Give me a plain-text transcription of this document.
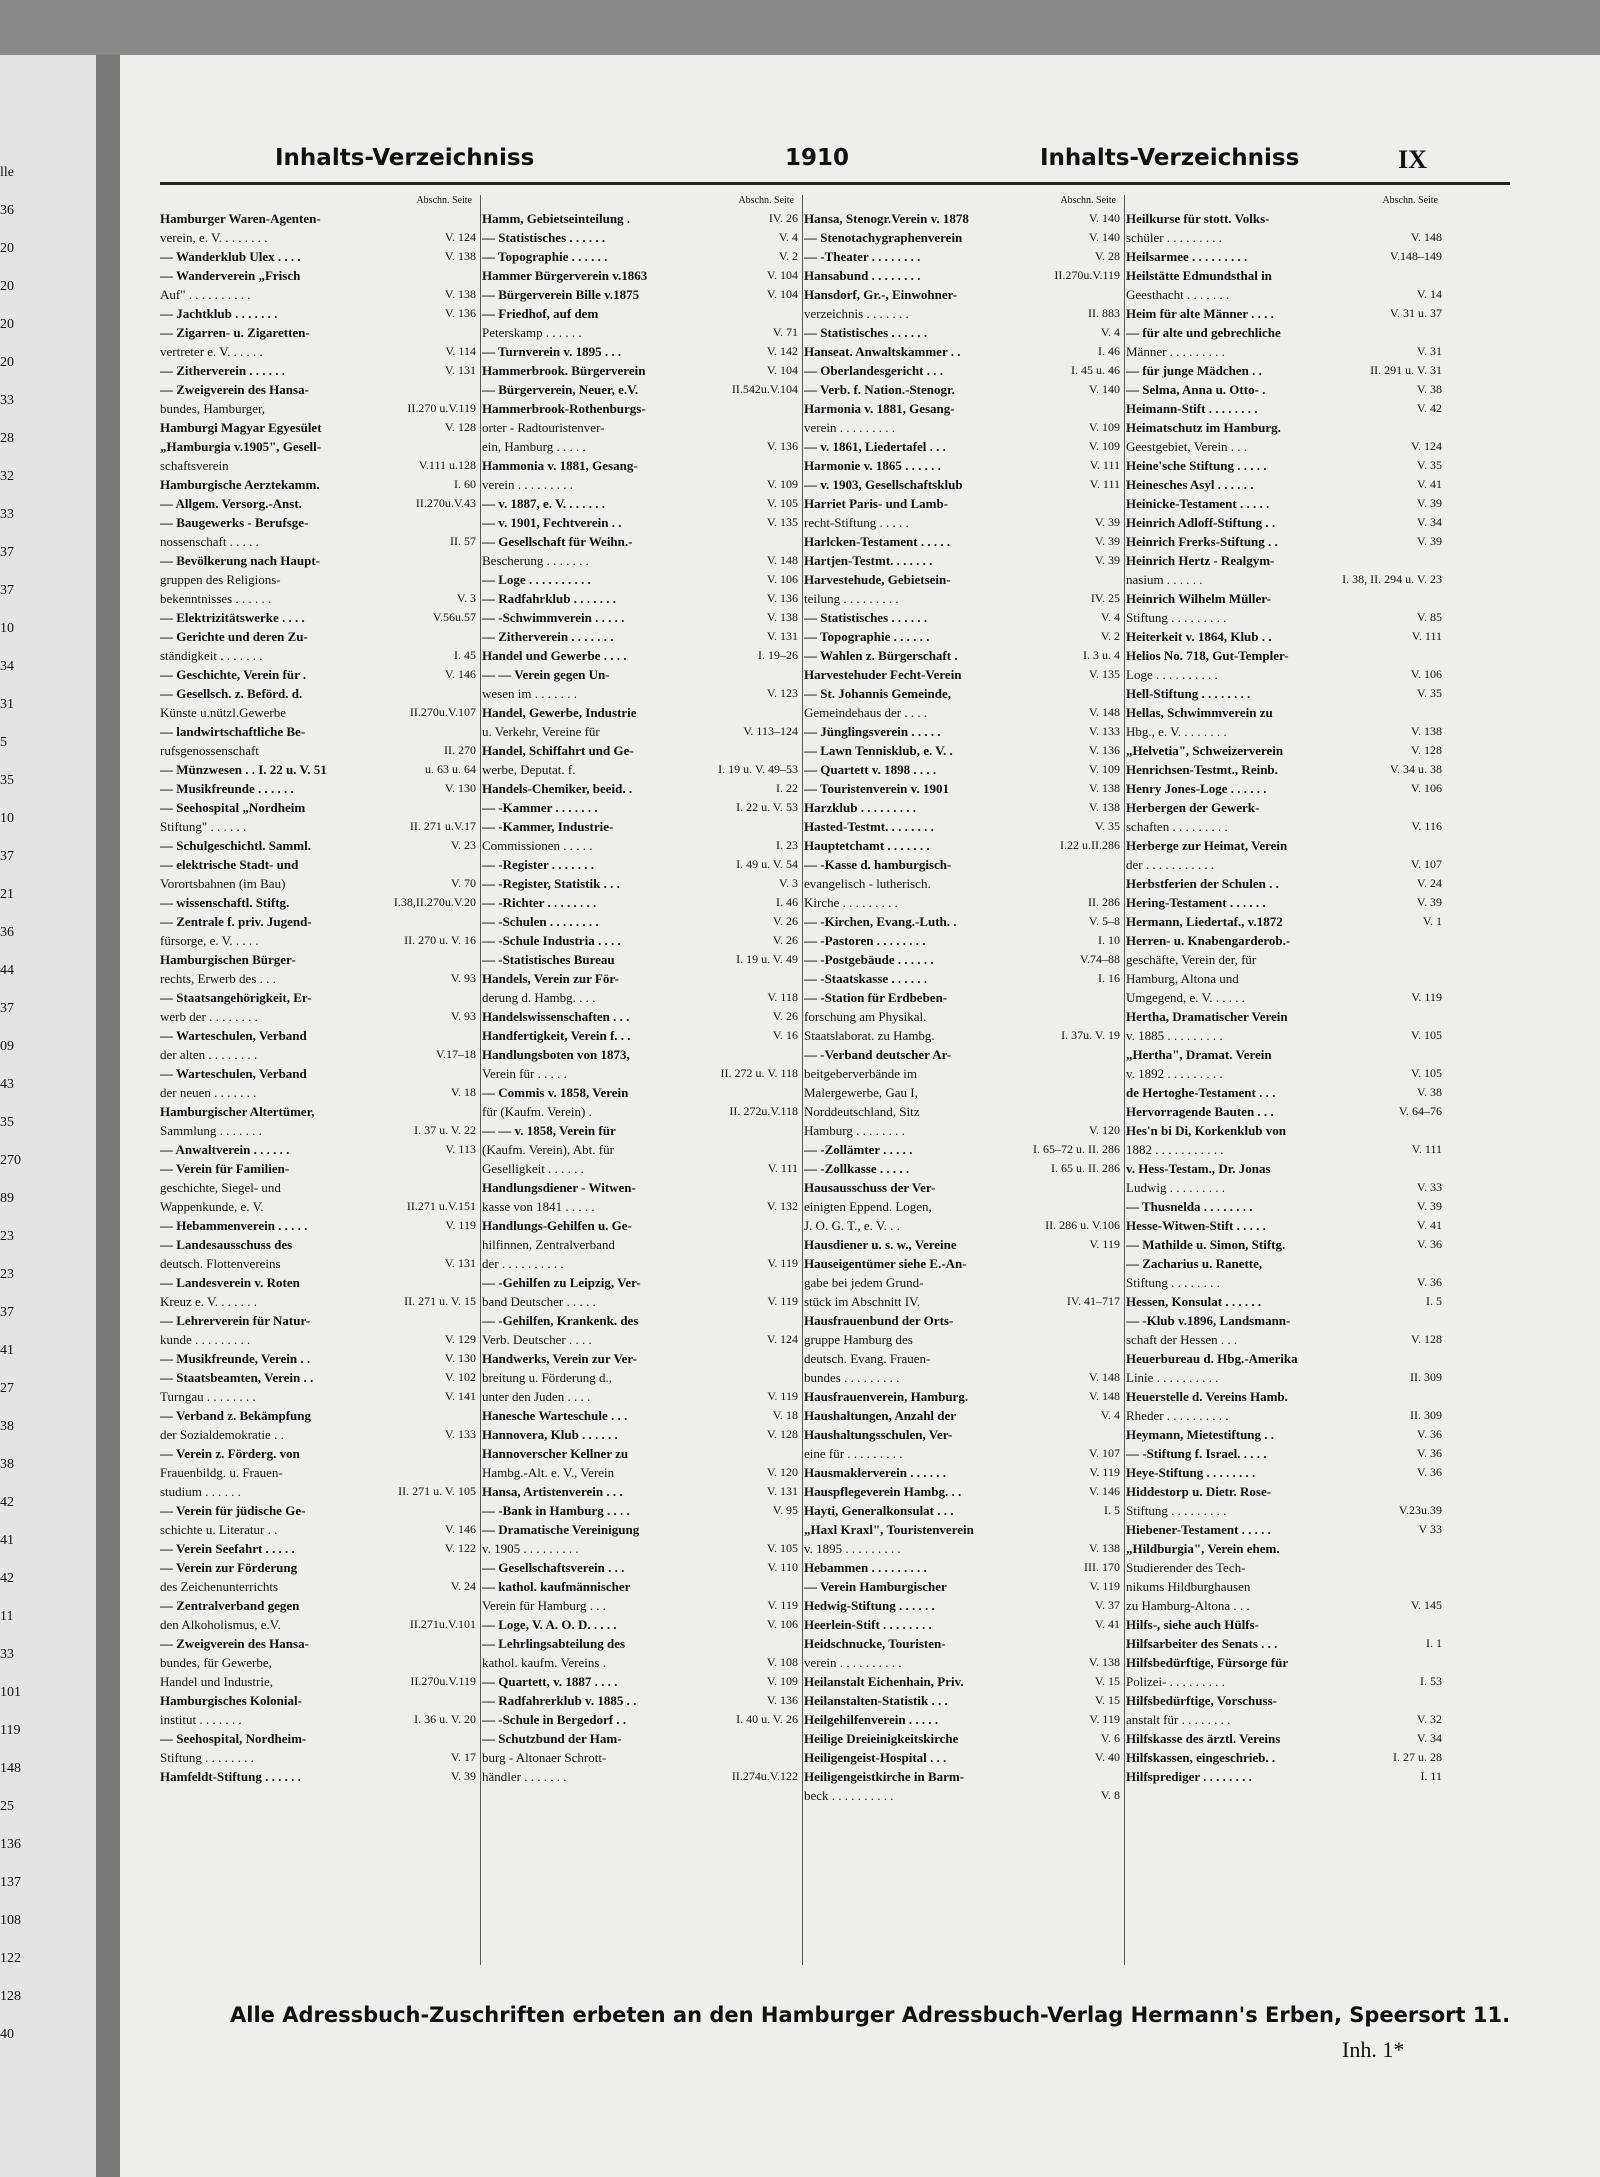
lle
36
20
20
20
20
33
28
32
33
37
37
10
34
31
5
35
10
37
21
36
44
37
09
43
35
270
89
23
23
37
41
27
38
38
42
41
42
11
33
101
119
148
25
136
137
108
122
128
40
Inhalts-Verzeichniss	1910	Inhalts-Verzeichniss	IX
Abschn. Seite
Hamburger Waren-Agenten-
verein, e. V. . . . . . . .	V. 124
— Wanderklub Ulex . . . .	V. 138
— Wanderverein „Frisch
Auf" . . . . . . . . . .	V. 138
— Jachtklub . . . . . . .	V. 136
— Zigarren- u. Zigaretten-
vertreter e. V. . . . . .	V. 114
— Zitherverein . . . . . .	V. 131
— Zweigverein des Hansa-
bundes, Hamburger,	II.270 u.V.119
Hamburgi Magyar Egyesület	V. 128
„Hamburgia v.1905", Gesell-
schaftsverein	V.111 u.128
Hamburgische Aerztekamm.	I. 60
— Allgem. Versorg.-Anst.	II.270u.V.43
— Baugewerks - Berufsge-
nossenschaft . . . . .	II. 57
— Bevölkerung nach Haupt-
gruppen des Religions-
bekenntnisses . . . . . .	V. 3
— Elektrizitätswerke . . . .	V.56u.57
— Gerichte und deren Zu-
ständigkeit . . . . . . .	I. 45
— Geschichte, Verein für .	V. 146
— Gesellsch. z. Beförd. d.
Künste u.nützl.Gewerbe	II.270u.V.107
— landwirtschaftliche Be-
rufsgenossenschaft	II. 270
— Münzwesen . . I. 22 u. V. 51	u. 63 u. 64
— Musikfreunde . . . . . .	V. 130
— Seehospital „Nordheim
Stiftung" . . . . . .	II. 271 u.V.17
— Schulgeschichtl. Samml.	V. 23
— elektrische Stadt- und
Vorortsbahnen (im Bau)	V. 70
— wissenschaftl. Stiftg.	I.38,II.270u.V.20
— Zentrale f. priv. Jugend-
fürsorge, e. V. . . . .	II. 270 u. V. 16
Hamburgischen Bürger-
rechts, Erwerb des . . .	V. 93
— Staatsangehörigkeit, Er-
werb der . . . . . . . .	V. 93
— Warteschulen, Verband
der alten . . . . . . . .	V.17–18
— Warteschulen, Verband
der neuen . . . . . . .	V. 18
Hamburgischer Altertümer,
Sammlung . . . . . . .	I. 37 u. V. 22
— Anwaltverein . . . . . .	V. 113
— Verein für Familien-
geschichte, Siegel- und
Wappenkunde, e. V.	II.271 u.V.151
— Hebammenverein . . . . .	V. 119
— Landesausschuss des
deutsch. Flottenvereins	V. 131
— Landesverein v. Roten
Kreuz e. V. . . . . . .	II. 271 u. V. 15
— Lehrerverein für Natur-
kunde . . . . . . . . .	V. 129
— Musikfreunde, Verein . .	V. 130
— Staatsbeamten, Verein . .	V. 102
Turngau . . . . . . . .	V. 141
— Verband z. Bekämpfung
der Sozialdemokratie . .	V. 133
— Verein z. Förderg. von
Frauenbildg. u. Frauen-
studium . . . . . .	II. 271 u. V. 105
— Verein für jüdische Ge-
schichte u. Literatur . .	V. 146
— Verein Seefahrt . . . . .	V. 122
— Verein zur Förderung
des Zeichenunterrichts	V. 24
— Zentralverband gegen
den Alkoholismus, e.V.	II.271u.V.101
— Zweigverein des Hansa-
bundes, für Gewerbe,
Handel und Industrie,	II.270u.V.119
Hamburgisches Kolonial-
institut . . . . . . .	I. 36 u. V. 20
— Seehospital, Nordheim-
Stiftung . . . . . . . .	V. 17
Hamfeldt-Stiftung . . . . . .	V. 39
Abschn. Seite
Hamm, Gebietseinteilung .	IV. 26
— Statistisches . . . . . .	V. 4
— Topographie . . . . . .	V. 2
Hammer Bürgerverein v.1863	V. 104
— Bürgerverein Bille v.1875	V. 104
— Friedhof, auf dem
Peterskamp . . . . . .	V. 71
— Turnverein v. 1895 . . .	V. 142
Hammerbrook. Bürgerverein	V. 104
— Bürgerverein, Neuer, e.V.	II.542u.V.104
Hammerbrook-Rothenburgs-
orter - Radtouristenver-
ein, Hamburg . . . . .	V. 136
Hammonia v. 1881, Gesang-
verein . . . . . . . . .	V. 109
— v. 1887, e. V. . . . . . .	V. 105
— v. 1901, Fechtverein . .	V. 135
— Gesellschaft für Weihn.-
Bescherung . . . . . . .	V. 148
— Loge . . . . . . . . . .	V. 106
— Radfahrklub . . . . . . .	V. 136
— -Schwimmverein . . . . .	V. 138
— Zitherverein . . . . . . .	V. 131
Handel und Gewerbe . . . .	I. 19–26
— — Verein gegen Un-
wesen im . . . . . . .	V. 123
Handel, Gewerbe, Industrie
u. Verkehr, Vereine für	V. 113–124
Handel, Schiffahrt und Ge-
werbe, Deputat. f.	I. 19 u. V. 49–53
Handels-Chemiker, beeid. .	I. 22
— -Kammer . . . . . . .	I. 22 u. V. 53
— -Kammer, Industrie-
Commissionen . . . . .	I. 23
— -Register . . . . . . .	I. 49 u. V. 54
— -Register, Statistik . . .	V. 3
— -Richter . . . . . . . .	I. 46
— -Schulen . . . . . . . .	V. 26
— -Schule Industria . . . .	V. 26
— -Statistisches Bureau	I. 19 u. V. 49
Handels, Verein zur För-
derung d. Hambg. . . .	V. 118
Handelswissenschaften . . .	V. 26
Handfertigkeit, Verein f. . .	V. 16
Handlungsboten von 1873,
Verein für . . . . .	II. 272 u. V. 118
— Commis v. 1858, Verein
für (Kaufm. Verein) .	II. 272u.V.118
— — v. 1858, Verein für
(Kaufm. Verein), Abt. für
Geselligkeit . . . . . .	V. 111
Handlungsdiener - Witwen-
kasse von 1841 . . . . .	V. 132
Handlungs-Gehilfen u. Ge-
hilfinnen, Zentralverband
der . . . . . . . . . .	V. 119
— -Gehilfen zu Leipzig, Ver-
band Deutscher . . . . .	V. 119
— -Gehilfen, Krankenk. des
Verb. Deutscher . . . .	V. 124
Handwerks, Verein zur Ver-
breitung u. Förderung d.,
unter den Juden . . . .	V. 119
Hanesche Warteschule . . .	V. 18
Hannovera, Klub . . . . . .	V. 128
Hannoverscher Kellner zu
Hambg.-Alt. e. V., Verein	V. 120
Hansa, Artistenverein . . .	V. 131
— -Bank in Hamburg . . . .	V. 95
— Dramatische Vereinigung
v. 1905 . . . . . . . . .	V. 105
— Gesellschaftsverein . . .	V. 110
— kathol. kaufmännischer
Verein für Hamburg . . .	V. 119
— Loge, V. A. O. D. . . . .	V. 106
— Lehrlingsabteilung des
kathol. kaufm. Vereins .	V. 108
— Quartett, v. 1887 . . . .	V. 109
— Radfahrerklub v. 1885 . .	V. 136
— -Schule in Bergedorf . .	I. 40 u. V. 26
— Schutzbund der Ham-
burg - Altonaer Schrott-
händler . . . . . . .	II.274u.V.122
Abschn. Seite
Hansa, Stenogr.Verein v. 1878	V. 140
— Stenotachygraphenverein	V. 140
— -Theater . . . . . . . .	V. 28
Hansabund . . . . . . . .	II.270u.V.119
Hansdorf, Gr.-, Einwohner-
verzeichnis . . . . . . .	II. 883
— Statistisches . . . . . .	V. 4
Hanseat. Anwaltskammer . .	I. 46
— Oberlandesgericht . . .	I. 45 u. 46
— Verb. f. Nation.-Stenogr.	V. 140
Harmonia v. 1881, Gesang-
verein . . . . . . . . .	V. 109
— v. 1861, Liedertafel . . .	V. 109
Harmonie v. 1865 . . . . . .	V. 111
— v. 1903, Gesellschaftsklub	V. 111
Harriet Paris- und Lamb-
recht-Stiftung . . . . .	V. 39
Harlcken-Testament . . . . .	V. 39
Hartjen-Testmt. . . . . . .	V. 39
Harvestehude, Gebietsein-
teilung . . . . . . . . .	IV. 25
— Statistisches . . . . . .	V. 4
— Topographie . . . . . .	V. 2
— Wahlen z. Bürgerschaft .	I. 3 u. 4
Harvestehuder Fecht-Verein	V. 135
— St. Johannis Gemeinde,
Gemeindehaus der . . . .	V. 148
— Jünglingsverein . . . . .	V. 133
— Lawn Tennisklub, e. V. .	V. 136
— Quartett v. 1898 . . . .	V. 109
— Touristenverein v. 1901	V. 138
Harzklub . . . . . . . . .	V. 138
Hasted-Testmt. . . . . . . .	V. 35
Hauptetchamt . . . . . . .	I.22 u.II.286
— -Kasse d. hamburgisch-
evangelisch - lutherisch.
Kirche . . . . . . . . .	II. 286
— -Kirchen, Evang.-Luth. .	V. 5–8
— -Pastoren . . . . . . . .	I. 10
— -Postgebäude . . . . . .	V.74–88
— -Staatskasse . . . . . .	I. 16
— -Station für Erdbeben-
forschung am Physikal.
Staatslaborat. zu Hambg.	I. 37u. V. 19
— -Verband deutscher Ar-
beitgeberverbände im
Malergewerbe, Gau I,
Norddeutschland, Sitz
Hamburg . . . . . . . .	V. 120
— -Zollämter . . . . .	I. 65–72 u. II. 286
— -Zollkasse . . . . .	I. 65 u. II. 286
Hausausschuss der Ver-
einigten Eppend. Logen,
J. O. G. T., e. V. . .	II. 286 u. V.106
Hausdiener u. s. w., Vereine	V. 119
Hauseigentümer siehe E.-An-
gabe bei jedem Grund-
stück im Abschnitt IV.	IV. 41–717
Hausfrauenbund der Orts-
gruppe Hamburg des
deutsch. Evang. Frauen-
bundes . . . . . . . . .	V. 148
Hausfrauenverein, Hamburg.	V. 148
Haushaltungen, Anzahl der	V. 4
Haushaltungsschulen, Ver-
eine für . . . . . . . . .	V. 107
Hausmaklerverein . . . . . .	V. 119
Hauspflegeverein Hambg. . .	V. 146
Hayti, Generalkonsulat . . .	I. 5
„Haxl Kraxl", Touristenverein
v. 1895 . . . . . . . . .	V. 138
Hebammen . . . . . . . . .	III. 170
— Verein Hamburgischer	V. 119
Hedwig-Stiftung . . . . . .	V. 37
Heerlein-Stift . . . . . . . .	V. 41
Heidschnucke, Touristen-
verein . . . . . . . . . .	V. 138
Heilanstalt Eichenhain, Priv.	V. 15
Heilanstalten-Statistik . . .	V. 15
Heilgehilfenverein . . . . .	V. 119
Heilige Dreieinigkeitskirche	V. 6
Heiligengeist-Hospital . . .	V. 40
Heiligengeistkirche in Barm-
beck . . . . . . . . . .	V. 8
Abschn. Seite
Heilkurse für stott. Volks-
schüler . . . . . . . . .	V. 148
Heilsarmee . . . . . . . . .	V.148–149
Heilstätte Edmundsthal in
Geesthacht . . . . . . .	V. 14
Heim für alte Männer . . . .	V. 31 u. 37
— für alte und gebrechliche
Männer . . . . . . . . .	V. 31
— für junge Mädchen . .	II. 291 u. V. 31
— Selma, Anna u. Otto- .	V. 38
Heimann-Stift . . . . . . . .	V. 42
Heimatschutz im Hamburg.
Geestgebiet, Verein . . .	V. 124
Heine'sche Stiftung . . . . .	V. 35
Heinesches Asyl . . . . . .	V. 41
Heinicke-Testament . . . . .	V. 39
Heinrich Adloff-Stiftung . .	V. 34
Heinrich Frerks-Stiftung . .	V. 39
Heinrich Hertz - Realgym-
nasium . . . . . .	I. 38, II. 294 u. V. 23
Heinrich Wilhelm Müller-
Stiftung . . . . . . . . .	V. 85
Heiterkeit v. 1864, Klub . .	V. 111
Helios No. 718, Gut-Templer-
Loge . . . . . . . . . .	V. 106
Hell-Stiftung . . . . . . . .	V. 35
Hellas, Schwimmverein zu
Hbg., e. V. . . . . . . .	V. 138
„Helvetia", Schweizerverein	V. 128
Henrichsen-Testmt., Reinb.	V. 34 u. 38
Henry Jones-Loge . . . . . .	V. 106
Herbergen der Gewerk-
schaften . . . . . . . . .	V. 116
Herberge zur Heimat, Verein
der . . . . . . . . . . .	V. 107
Herbstferien der Schulen . .	V. 24
Hering-Testament . . . . . .	V. 39
Hermann, Liedertaf., v.1872	V. 1
Herren- u. Knabengarderob.-
geschäfte, Verein der, für
Hamburg, Altona und
Umgegend, e. V. . . . . .	V. 119
Hertha, Dramatischer Verein
v. 1885 . . . . . . . . .	V. 105
„Hertha", Dramat. Verein
v. 1892 . . . . . . . . .	V. 105
de Hertoghe-Testament . . .	V. 38
Hervorragende Bauten . . .	V. 64–76
Hes'n bi Di, Korkenklub von
1882 . . . . . . . . . . .	V. 111
v. Hess-Testam., Dr. Jonas
Ludwig . . . . . . . . .	V. 33
— Thusnelda . . . . . . . .	V. 39
Hesse-Witwen-Stift . . . . .	V. 41
— Mathilde u. Simon, Stiftg.	V. 36
— Zacharius u. Ranette,
Stiftung . . . . . . . .	V. 36
Hessen, Konsulat . . . . . .	I. 5
— -Klub v.1896, Landsmann-
schaft der Hessen . . .	V. 128
Heuerbureau d. Hbg.-Amerika
Linie . . . . . . . . . .	II. 309
Heuerstelle d. Vereins Hamb.
Rheder . . . . . . . . . .	II. 309
Heymann, Mietestiftung . .	V. 36
— -Stiftung f. Israel. . . . .	V. 36
Heye-Stiftung . . . . . . . .	V. 36
Hiddestorp u. Dietr. Rose-
Stiftung . . . . . . . . .	V.23u.39
Hiebener-Testament . . . . .	V 33
„Hildburgia", Verein ehem.
Studierender des Tech-
nikums Hildburghausen
zu Hamburg-Altona . . .	V. 145
Hilfs-, siehe auch Hülfs-
Hilfsarbeiter des Senats . . .	I. 1
Hilfsbedürftige, Fürsorge für
Polizei- . . . . . . . . .	I. 53
Hilfsbedürftige, Vorschuss-
anstalt für . . . . . . . .	V. 32
Hilfskasse des ärztl. Vereins	V. 34
Hilfskassen, eingeschrieb. .	I. 27 u. 28
Hilfsprediger . . . . . . . .	I. 11
Alle Adressbuch-Zuschriften erbeten an den Hamburger Adressbuch-Verlag Hermann's Erben, Speersort 11.
Inh. 1*
